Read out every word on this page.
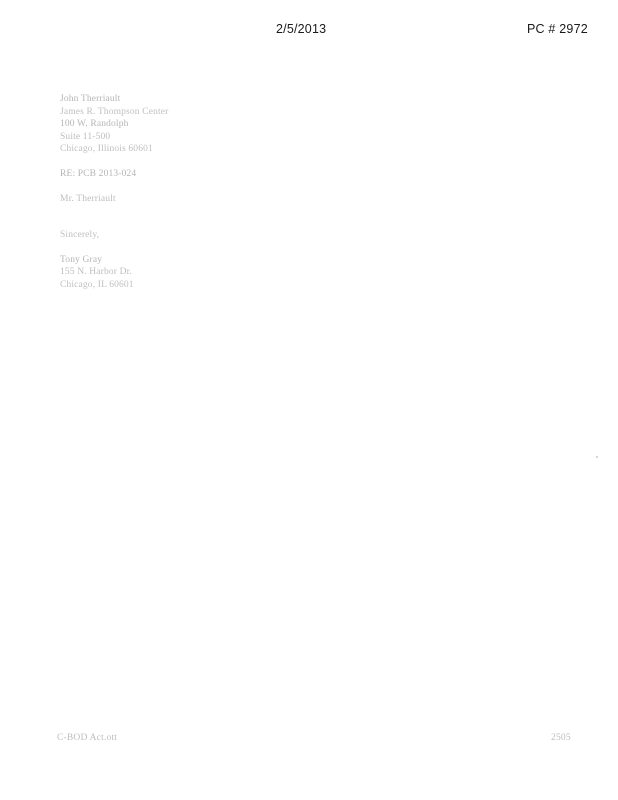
2/5/2013	PC # 2972
John Therriault
James R. Thompson Center
100 W. Randolph
Suite 11-500
Chicago, Illinois 60601
RE: PCB 2013-024
Mr. Therriault
Sincerely,
Tony Gray
155 N. Harbor Dr.
Chicago, IL 60601
C-BOD Act.ott	2505
